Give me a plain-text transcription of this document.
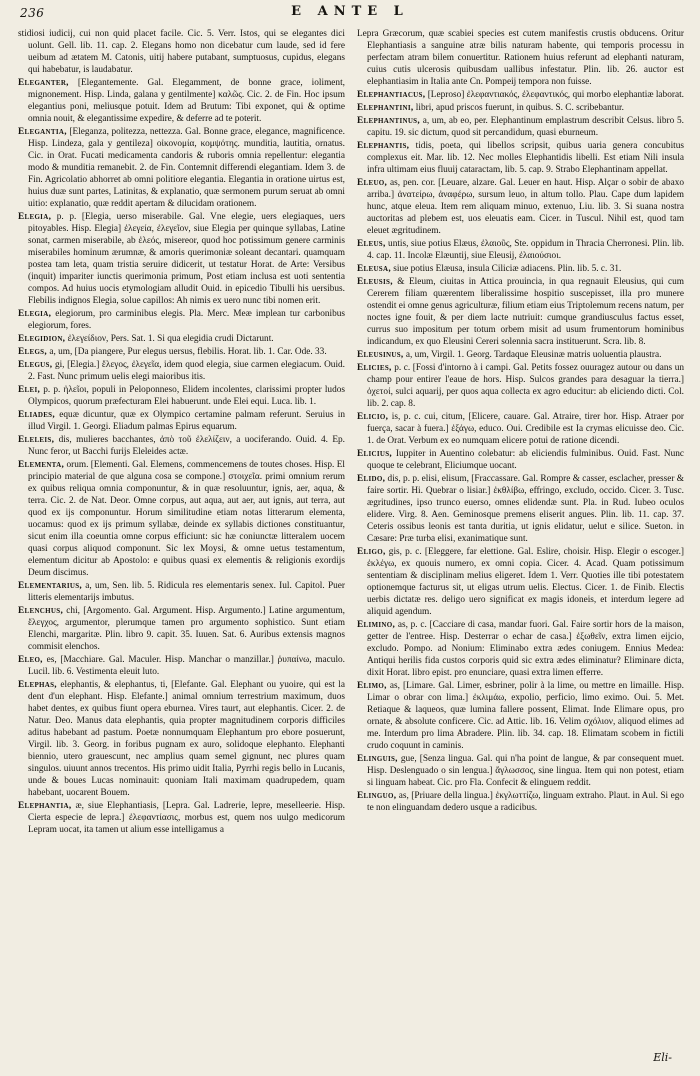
236	E ANTE L

stidiosi iudicij, cui non quid placet facile. Cic. 5. Verr. Istos, qui se elegantes dici uolunt. Gell. lib. 11. cap. 2. Elegans homo non dicebatur cum laude, sed id fere ueibum ad ætatem M. Catonis, uitij habere putabant, sumptuosus, cupidus, elegans qui habebatur, is laudabatur.

Eleganter, [Elegantemente. Gal. Elegamment, de bonne grace, ioliment, mignonement. Hisp. Linda, galana y gentilmente] καλῶς. Cic. 2. de Fin. Hoc ipsum elegantius poni, meliusque potuit. Idem ad Brutum: Tibi exponet, qui & optime omnia nouit, & elegantissime expedire, & deferre ad te poterit.

Elegantia, [Eleganza, politezza, nettezza. Gal. Bonne grace, elegance, magnificence. Hisp. Lindeza, gala y gentileza] οἰκονομία, κομψότης. munditia, lautitia, ornatus. Cic. in Orat. Fucati medicamenta candoris & ruboris omnia repellentur: elegantia modo & munditia remanebit. 2. de Fin. Contemnit differendi elegantiam. Idem 3. de Fin. Agricolatio abhorret ab omni politiore elegantia. Elegantia in oratione uirtus est, huius duæ sunt partes, Latinitas, & explanatio, quæ sermonem purum seruat ab omni uitio: explanatio, quæ reddit apertam & dilucidam orationem.

Elegia, p. p. [Elegia, uerso miserabile. Gal. Vne elegie, uers elegiaques, uers pitoyables. Hisp. Elegia] ἐλεγεία, ἐλεγεῖον, siue Elegia per quinque syllabas, Latine sonat, carmen miserabile, ab ἐλεός, misereor, quod hoc potissimum genere carminis miserabiles hominum ærumnæ, & amoris querimoniæ soleant decantari. quamquam postea tam leta, quam tristia seruire didicerit, ut testatur Horat. de Arte: Versibus (inquit) impariter iunctis querimonia primum, Post etiam inclusa est uoti sententia compos. Ad huius uocis etymologiam alludit Ouid. in epicedio Tibulli his uersibus. Flebilis indignos Elegia, solue capillos: Ah nimis ex uero nunc tibi nomen erit.

Elegia, elegiorum, pro carminibus elegis. Pla. Merc. Meæ implean tur carbonibus elegiorum, fores.

Elegidion, ἐλεγείδιον, Pers. Sat. 1. Si qua elegidia crudi Dictarunt.

Elegs, a, um, [Da piangere, Pur elegus uersus, flebilis. Horat. lib. 1. Car. Ode. 33.

Elegus, gi, [Elegia.] ἔλεγος, ἐλεγεῖα, idem quod elegia, siue carmen elegiacum. Ouid. 2. Fast. Nunc primum uelis elegi maioribus itis.

Elei, p. p. ἠλεῖοι, populi in Peloponneso, Elidem incolentes, clarissimi propter ludos Olympicos, quorum præfecturam Elei habuerunt. unde Elei equi. Luca. lib. 1.

Eliades, equæ dicuntur, quæ ex Olympico certamine palmam referunt. Seruius in illud Virgil. 1. Georgi. Eliadum palmas Epirus equarum.

Eleleis, dis, mulieres bacchantes, ἀπὸ τοῦ ἐλελίζειν, a uociferando. Ouid. 4. Ep. Nunc feror, ut Bacchi furijs Eleleides actæ.

Elementa, orum. [Elementi. Gal. Elemens, commencemens de toutes choses. Hisp. El principio material de que alguna cosa se compone.] στοιχεῖα. primi omnium rerum ex quibus reliqua omnia componuntur, & in quæ resoluuntur, ignis, aer, aqua, & terra. Cic. 2. de Nat. Deor. Omne corpus, aut aqua, aut aer, aut ignis, aut terra, aut quod ex ijs componuntur. Horum similitudine etiam notas litterarum elementa, uocamus: quod ex ijs primum syllabæ, deinde ex syllabis dictiones constituantur, sicut enim illa coeuntia omne corpus efficiunt: sic hæ coniunctæ litteralem uocem quasi corpus aliquod componunt. Sic lex Moysi, & omne uetus testamentum, elementum dicitur ab Apostolo: e quibus quasi ex elementis & religionis exordijs Deum discimus.

Elementarius, a, um, Sen. lib. 5. Ridicula res elementaris senex. Iul. Capitol. Puer litteris elementarijs imbutus.

Elenchus, chi, [Argomento. Gal. Argument. Hisp. Argumento.] Latine argumentum, ἔλεγχος, argumentor, plerumque tamen pro argumento sophistico. Sunt etiam Elenchi, margaritæ. Plin. libro 9. capit. 35. Iuuen. Sat. 6. Auribus extensis magnos commisit elenchos.

Eleo, es, [Macchiare. Gal. Maculer. Hisp. Manchar o manzillar.] ῥυπαίνω, maculo. Lucil. lib. 6. Vestimenta eleuit luto.

Elephas, elephantis, & elephantus, ti, [Elefante. Gal. Elephant ou yuoire, qui est la dent d'un elephant. Hisp. Elefante.] animal omnium terrestrium maximum, duos habet dentes, ex quibus fiunt opera eburnea. Vires taurt, aut elephantis. Cicer. 2. de Natur. Deo. Manus data elephantis, quia propter magnitudinem corporis difficiles aditus habebant ad pastum. Poetæ nonnumquam Elephantum pro ebore posuerunt, Virgil. lib. 3. Georg. in foribus pugnam ex auro, solidoque elephanto. Elephanti biennio, utero grauescunt, nec amplius quam semel gignunt, nec plures quam singulos. uiuunt annos trecentos. His primo uidit Italia, Pyrrhi regis bello in Lucanis, unde & boues Lucas nominauit: quoniam Itali maximam quadrupedem, quam habebant, uocarent Bouem.

Elephantia, æ, siue Elephantiasis, [Lepra. Gal. Ladrerie, lepre, meselleerie. Hisp. Cierta especie de lepra.] ἐλεφαντίασις, morbus est, quem nos uulgo medicorum Lepram uocat, ita tamen ut alium esse intelligamus a

Lepra Græcorum, quæ scabiei species est cutem manifestis crustis obducens. Oritur Elephantiasis a sanguine atræ bilis naturam habente, qui temporis processu in perfectam atram bilem conuertitur. Rationem huius referunt ad elephanti naturam, cuius cutis ulcerosis quibusdam uallibus infestatur. Plin. lib. 26. auctor est elephantiasim in Italia ante Cn. Pompeij tempora non fuisse.

Elephantiacus, [Leproso] ἐλεφαντιακός, ἐλεφαντικός, qui morbo elephantiæ laborat.

Elephantini, libri, apud priscos fuerunt, in quibus. S. C. scribebantur.

Elephantinus, a, um, ab eo, per. Elephantinum emplastrum describit Celsus. libro 5. capitu. 19. sic dictum, quod sit percandidum, quasi eburneum.

Elephantis, tidis, poeta, qui libellos scripsit, quibus uaria genera concubitus complexus eit. Mar. lib. 12. Nec molles Elephantidis libelli. Est etiam Nili insula infra ultimam eius fluuij cataractam, lib. 5. cap. 9. Strabo Elephantinam appellat.

Eleuo, as, pen. cor. [Leuare, alzare. Gal. Leuer en haut. Hisp. Alçar o sobir de abaxo arriba.] ἀνατείρω, ἀναφέρω, sursum leuo, in altum tollo. Plau. Cape dum lapidem hunc, atque eleua. Item rem aliquam minuo, extenuo, Liu. lib. 3. Si suana nostra auctoritas ad plebem est, uos eleuatis eam. Cicer. in Tuscul. Nihil est, quod tam eleuet ægritudinem.

Eleus, untis, siue potius Elæus, ἐλαιοῦς, Ste. oppidum in Thracia Cherronesi. Plin. lib. 4. cap. 11. Incolæ Elæuntij, siue Eleusij, ἐλαιούσιοι.

Eleusa, siue potius Elæusa, insula Ciliciæ adiacens. Plin. lib. 5. c. 31.

Eleusis, & Eleum, ciuitas in Attica prouincia, in qua regnauit Eleusius, qui cum Cererem filiam quærentem liberalissime hospitio suscepisset, illa pro munere ostendit ei omne genus agriculturæ, filium etiam eius Triptolemum recens natum, per noctes igne fouit, & per diem lacte nutriuit: cumque grandiusculus factus esset, currus suo impositum per totum orbem misit ad usum frumentorum hominibus indicandum, ex quo Eleusini Cereri solennia sacra instituerunt. Scra. lib. 8.

Eleusinus, a, um, Virgil. 1. Georg. Tardaque Eleusinæ matris uoluentia plaustra.

Elicies, p. c. [Fossi d'intorno à i campi. Gal. Petits fossez ouuragez autour ou dans un champ pour entirer l'eaue de hors. Hisp. Sulcos grandes para desaguar la tierra.] ὀχετοί, sulci aquarij, per quos aqua collecta ex agro educitur: ab eliciendo dicti. Col. lib. 2. cap. 8.

Elicio, is, p. c. cui, citum, [Elicere, cauare. Gal. Atraire, tirer hor. Hisp. Atraer por fuerça, sacar à fuera.] ἐξάγω, educo. Oui. Credibile est Ia crymas elicuisse deo. Cic. 1. de Orat. Verbum ex eo numquam elicere potui de ratione dicendi.

Elicius, Iuppiter in Auentino colebatur: ab eliciendis fulminibus. Ouid. Fast. Nunc quoque te celebrant, Eliciumque uocant.

Elido, dis, p. p. elisi, elisum, [Fraccassare. Gal. Rompre & casser, esclacher, presser & faire sortir. Hi. Quebrar o lisiar.] ἐκθλίβω, effringo, excludo, occido. Cicer. 3. Tusc. ægritudines, ipso trunco euerso, omnes elidendæ sunt. Pla. in Rud. Iubeo oculos elidere. Virg. 8. Aen. Geminosque premens eliserit angues. Plin. lib. 11. cap. 37. Ceteris ossibus leonis est tanta duritia, ut ignis elidatur, uelut e silice. Sueton. in Cæsare: Præ turba elisi, exanimatique sunt.

Eligo, gis, p. c. [Eleggere, far elettione. Gal. Eslire, choisir. Hisp. Elegir o escoger.] ἐκλέγω, ex quouis numero, ex omni copia. Cicer. 4. Acad. Quam potissimum sententiam & disciplinam melius eligeret. Idem 1. Verr. Quoties ille tibi potestatem optionemque facturus sit, ut eligas utrum uelis. Electus. Cicer. 1. de Finib. Electis uerbis dictatæ res. deligo uero significat ex magis idoneis, et interdum legere ad aliquid agendum.

Elimino, as, p. c. [Cacciare di casa, mandar fuori. Gal. Faire sortir hors de la maison, getter de l'entree. Hisp. Desterrar o echar de casa.] ἐξωθεῖν, extra limen eijcio, excludo. Pompo. ad Nonium: Eliminabo extra ædes coniugem. Ennius Medea: Antiqui herilis fida custos corporis quid sic extra ædes eliminatur? Eliminare dicta, dixit Horat. libro epist. pro enunciare, quasi extra limen efferre.

Elimo, as, [Limare. Gal. Limer, esbriner, polir à la lime, ou mettre en limaille. Hisp. Limar o obrar con lima.] ἐκλιμάω, expolio, perficio, limo eximo. Oui. 5. Met. Retiaque & laqueos, quæ lumina fallere possent, Elimat. Inde Elimare opus, pro ornate, & absolute conficere. Cic. ad Attic. lib. 16. Velim σχόλιον, aliquod elimes ad me. Interdum pro lima Abradere. Plin. lib. 34. cap. 18. Elimatam scobem in fictili crudo coquunt in caminis.

Elinguis, gue, [Senza lingua. Gal. qui n'ha point de langue, & par consequent muet. Hisp. Deslenguado o sin lengua.] ἄγλωσσος, sine lingua. Item qui non potest, etiam si linguam habeat. Cic. pro Fla. Confecit & elinguem reddit.

Elinguo, as, [Priuare della lingua.] ἐκγλωττίζω, linguam extraho. Plaut. in Aul. Si ego te non elinguandam dedero usque a radicibus.

Eli-
